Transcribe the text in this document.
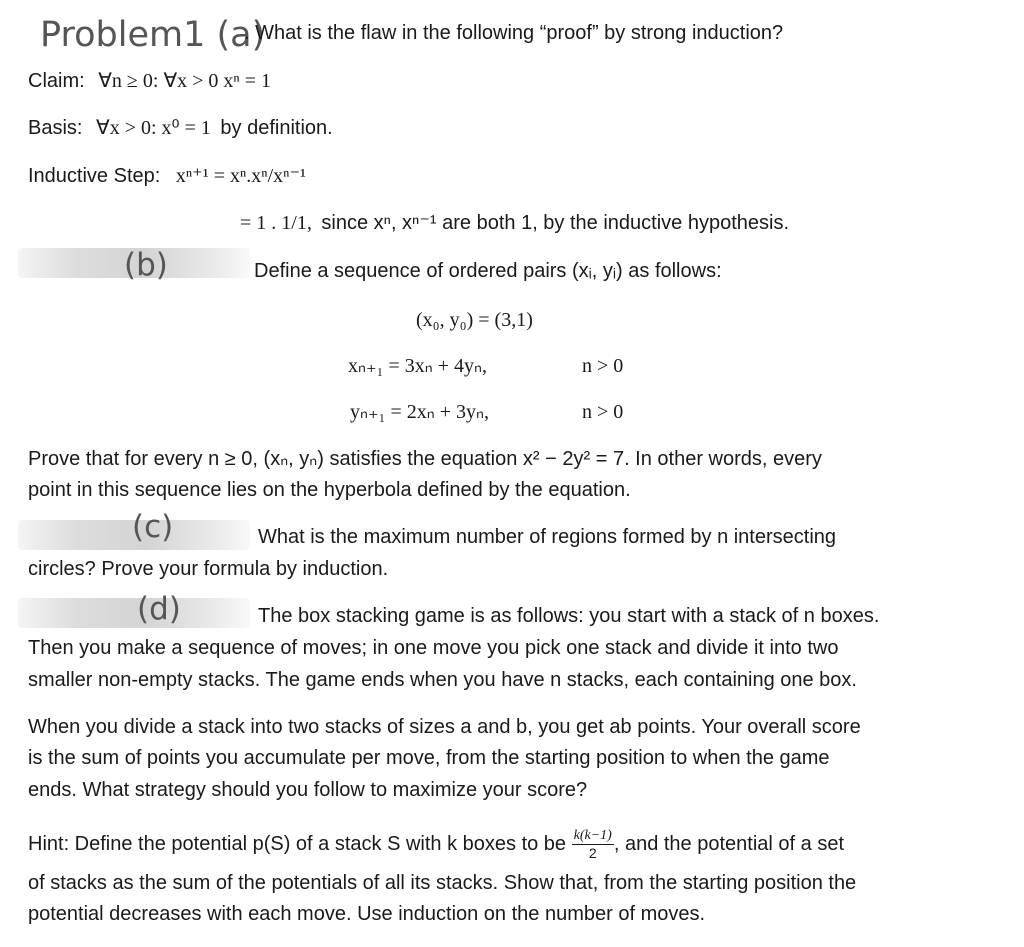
Problem1 (a)
. What is the flaw in the following “proof” by strong induction?
Claim: ∀n ≥ 0: ∀x > 0 xⁿ = 1
Basis: ∀x > 0: x⁰ = 1 by definition.
Inductive Step: xⁿ⁺¹ = xⁿ.xⁿ/xⁿ⁻¹
= 1 . 1/1, since xⁿ, xⁿ⁻¹ are both 1, by the inductive hypothesis.
(b)	Define a sequence of ordered pairs (xᵢ, yᵢ) as follows:
(x₀, y₀) = (3,1)
xₙ₊₁ = 3xₙ + 4yₙ,	n > 0
yₙ₊₁ = 2xₙ + 3yₙ,	n > 0
Prove that for every n ≥ 0, (xₙ, yₙ) satisfies the equation x² − 2y² = 7. In other words, every
point in this sequence lies on the hyperbola defined by the equation.
(c)	What is the maximum number of regions formed by n intersecting
circles? Prove your formula by induction.
(d)	The box stacking game is as follows: you start with a stack of n boxes.
Then you make a sequence of moves; in one move you pick one stack and divide it into two
smaller non-empty stacks. The game ends when you have n stacks, each containing one box.
When you divide a stack into two stacks of sizes a and b, you get ab points. Your overall score
is the sum of points you accumulate per move, from the starting position to when the game
ends. What strategy should you follow to maximize your score?
Hint: Define the potential p(S) of a stack S with k boxes to be $\frac{k(k-1)}{2}$ , and the potential of a set
of stacks as the sum of the potentials of all its stacks. Show that, from the starting position the
potential decreases with each move. Use induction on the number of moves.
